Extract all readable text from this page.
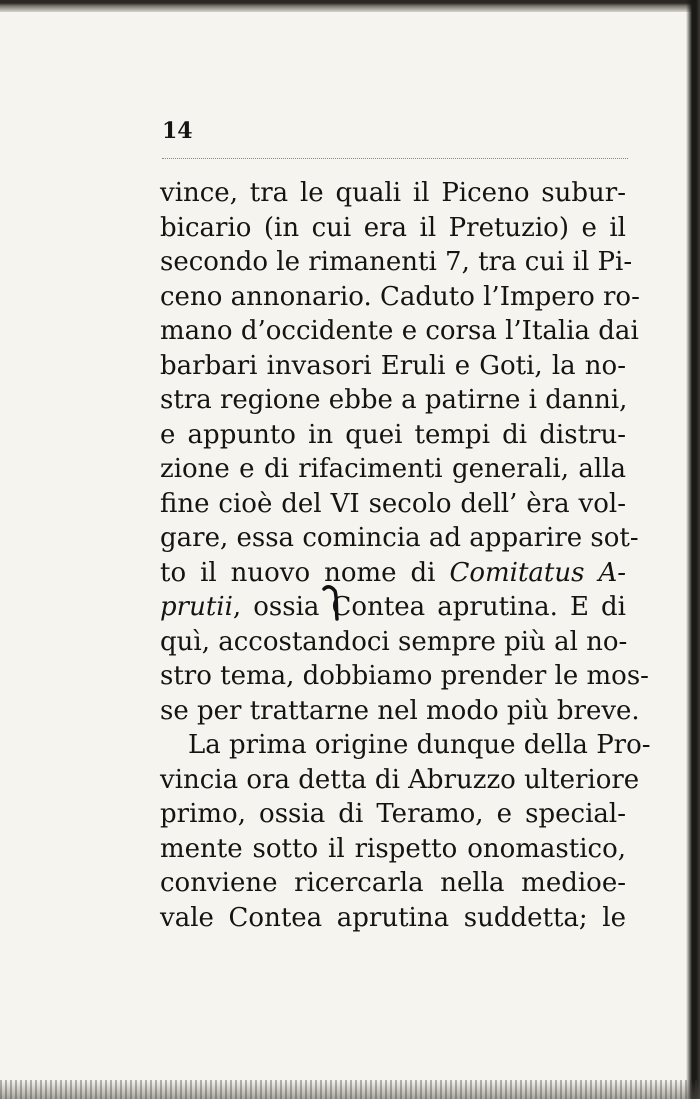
14

vince, tra le quali il Piceno subur-
bicario (in cui era il Pretuzio) e il
secondo le rimanenti 7, tra cui il Pi-
ceno annonario. Caduto l’Impero ro-
mano d’occidente e corsa l’Italia dai
barbari invasori Eruli e Goti, la no-
stra regione ebbe a patirne i danni,
e appunto in quei tempi di distru-
zione e di rifacimenti generali, alla
fine cioè del VI secolo dell’ èra vol-
gare, essa comincia ad apparire sot-
to il nuovo nome di Comitatus A-
prutii, ossia Contea aprutina. E di
quì, accostandoci sempre più al no-
stro tema, dobbiamo prender le mos-
se per trattarne nel modo più breve.
La prima origine dunque della Pro-
vincia ora detta di Abruzzo ulteriore
primo, ossia di Teramo, e special-
mente sotto il rispetto onomastico,
conviene ricercarla nella medioe-
vale Contea aprutina suddetta; le
